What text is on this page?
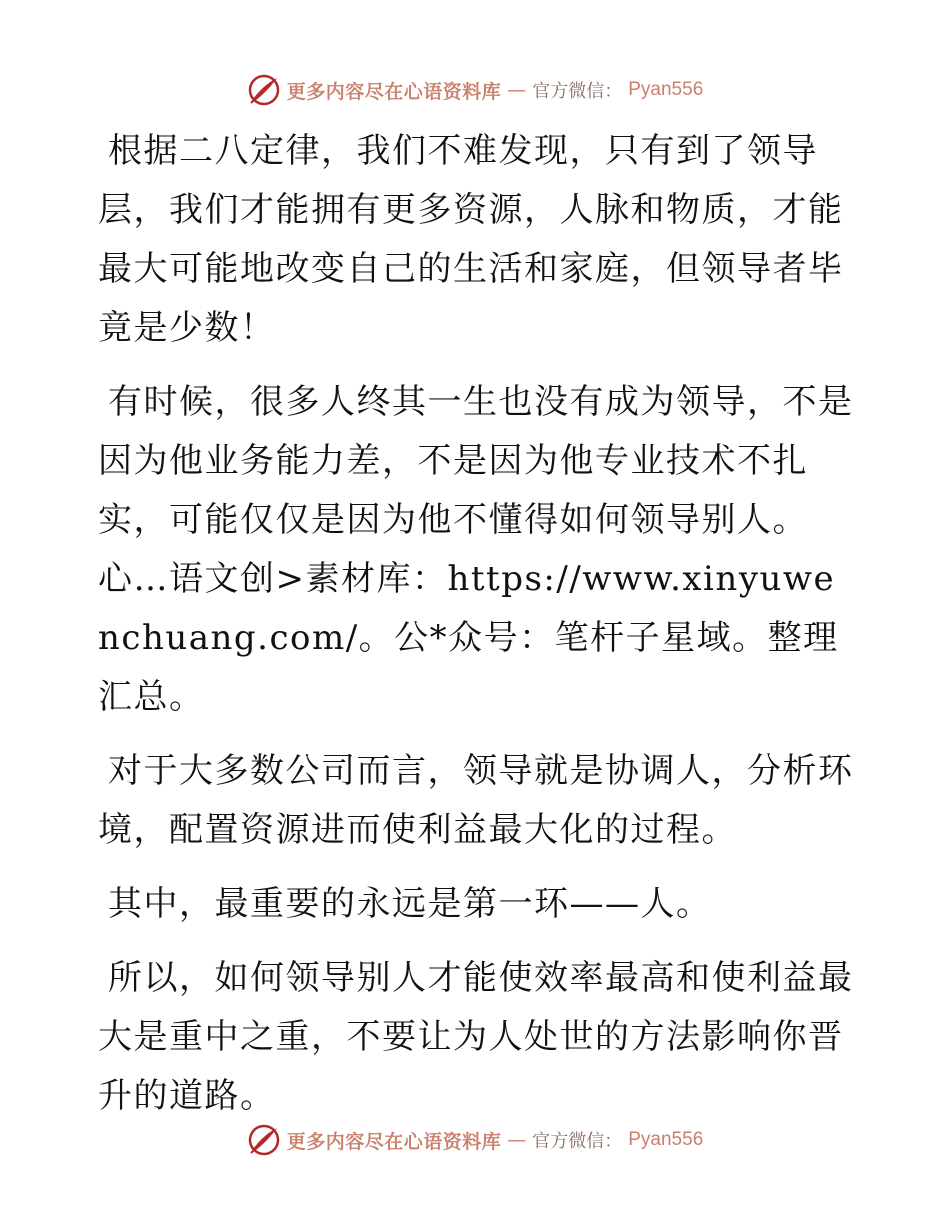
更多内容尽在心语资料库 — 官方微信： Pyan556

根据二八定律，我们不难发现，只有到了领导层，我们才能拥有更多资源，人脉和物质，才能最大可能地改变自己的生活和家庭，但领导者毕竟是少数！

有时候，很多人终其一生也没有成为领导，不是因为他业务能力差，不是因为他专业技术不扎实，可能仅仅是因为他不懂得如何领导别人。心…语文创>素材库：https://www.xinyuwenchuang.com/。公*众号：笔杆子星域。整理汇总。

对于大多数公司而言，领导就是协调人，分析环境，配置资源进而使利益最大化的过程。

其中，最重要的永远是第一环——人。

所以，如何领导别人才能使效率最高和使利益最大是重中之重，不要让为人处世的方法影响你晋升的道路。

更多内容尽在心语资料库 — 官方微信： Pyan556
